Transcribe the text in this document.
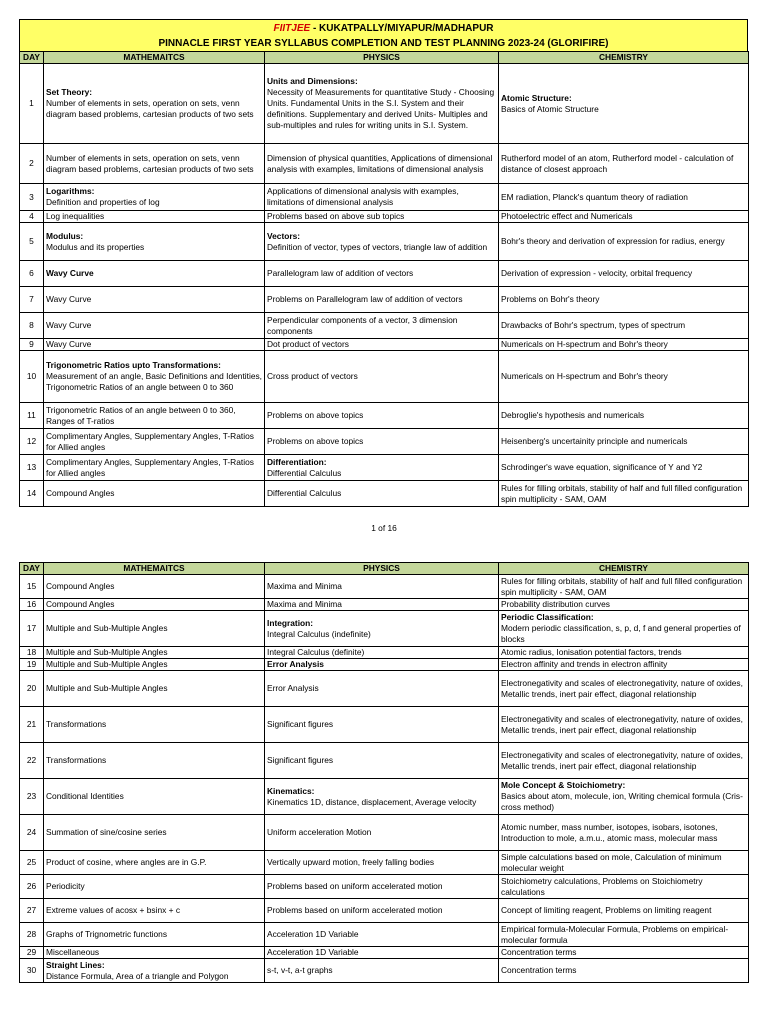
FIITJEE - KUKATPALLY/MIYAPUR/MADHAPUR
PINNACLE FIRST YEAR SYLLABUS COMPLETION AND TEST PLANNING 2023-24 (GLORIFIRE)
DAY	MATHEMAITCS	PHYSICS	CHEMISTRY
1	Set Theory:
Number of elements in sets, operation on sets, venn diagram based problems, cartesian products of two sets	Units and Dimensions:
Necessity of Measurements for quantitative Study - Choosing Units. Fundamental Units in the S.I. System and their definitions. Supplementary and derived Units- Multiples and sub-multiples and rules for writing units in S.I. System.	Atomic Structure:
Basics of Atomic Structure
2	Number of elements in sets, operation on sets, venn diagram based problems, cartesian products of two sets	Dimension of physical quantities, Applications of dimensional analysis with examples, limitations of dimensional analysis	Rutherford model of an atom, Rutherford model - calculation of distance of closest approach
3	Logarithms:
Definition and properties of log	Applications of dimensional analysis with examples, limitations of dimensional analysis	EM radiation, Planck's quantum theory of radiation
4	Log inequalities	Problems based on above sub topics	Photoelectric effect and Numericals
5	Modulus:
Modulus and its properties	Vectors:
Definition of vector, types of vectors, triangle law of addition	Bohr's theory and derivation of expression for radius, energy
6	Wavy Curve	Parallelogram law of addition of vectors	Derivation of expression - velocity, orbital frequency
7	Wavy Curve	Problems on Parallelogram law of addition of vectors	Problems on Bohr's theory
8	Wavy Curve	Perpendicular components of a vector, 3 dimension components	Drawbacks of Bohr's spectrum, types of spectrum
9	Wavy Curve	Dot product of vectors	Numericals on H-spectrum and Bohr's theory
10	Trigonometric Ratios upto Transformations:
Measurement of an angle, Basic Definitions and Identities, Trigonometric Ratios of an angle between 0 to 360	Cross product of vectors	Numericals on H-spectrum and Bohr's theory
11	Trigonometric Ratios of an angle between 0 to 360, Ranges of T-ratios	Problems on above topics	Debroglie's hypothesis and numericals
12	Complimentary Angles, Supplementary Angles, T-Ratios for Allied angles	Problems on above topics	Heisenberg's uncertainity principle and numericals
13	Complimentary Angles, Supplementary Angles, T-Ratios for Allied angles	Differentiation:
Differential Calculus	Schrodinger's wave equation, significance of Y and Y2
14	Compound Angles	Differential Calculus	Rules for filling orbitals, stability of half and full filled configuration spin multiplicity - SAM, OAM
1 of 16
DAY	MATHEMAITCS	PHYSICS	CHEMISTRY
15	Compound Angles	Maxima and Minima	Rules for filling orbitals, stability of half and full filled configuration spin multiplicity - SAM, OAM
16	Compound Angles	Maxima and Minima	Probability distribution curves
17	Multiple and Sub-Multiple Angles	Integration:
Integral Calculus (indefinite)	Periodic Classification:
Modern periodic classification, s, p, d, f and general properties of blocks
18	Multiple and Sub-Multiple Angles	Integral Calculus (definite)	Atomic radius, Ionisation potential factors, trends
19	Multiple and Sub-Multiple Angles	Error Analysis	Electron affinity and trends in electron affinity
20	Multiple and Sub-Multiple Angles	Error Analysis	Electronegativity and scales of electronegativity, nature of oxides, Metallic trends, inert pair effect, diagonal relationship
21	Transformations	Significant figures	Electronegativity and scales of electronegativity, nature of oxides, Metallic trends, inert pair effect, diagonal relationship
22	Transformations	Significant figures	Electronegativity and scales of electronegativity, nature of oxides, Metallic trends, inert pair effect, diagonal relationship
23	Conditional Identities	Kinematics:
Kinematics 1D, distance, displacement, Average velocity	Mole Concept & Stoichiometry:
Basics about atom, molecule, ion, Writing chemical formula (Cris-cross method)
24	Summation of sine/cosine series	Uniform acceleration Motion	Atomic number, mass number, isotopes, isobars, isotones, Introduction to mole, a.m.u., atomic mass, molecular mass
25	Product of cosine, where angles are in G.P.	Vertically upward motion, freely falling bodies	Simple calculations based on mole, Calculation of minimum molecular weight
26	Periodicity	Problems based on uniform accelerated motion	Stoichiometry calculations, Problems on Stoichiometry calculations
27	Extreme values of acosx + bsinx + c	Problems based on uniform accelerated motion	Concept of limiting reagent, Problems on limiting reagent
28	Graphs of Trignometric functions	Acceleration 1D Variable	Empirical formula-Molecular Formula, Problems on empirical- molecular formula
29	Miscellaneous	Acceleration 1D Variable	Concentration terms
30	Straight Lines:
Distance Formula, Area of a triangle and Polygon	s-t, v-t, a-t graphs	Concentration terms
